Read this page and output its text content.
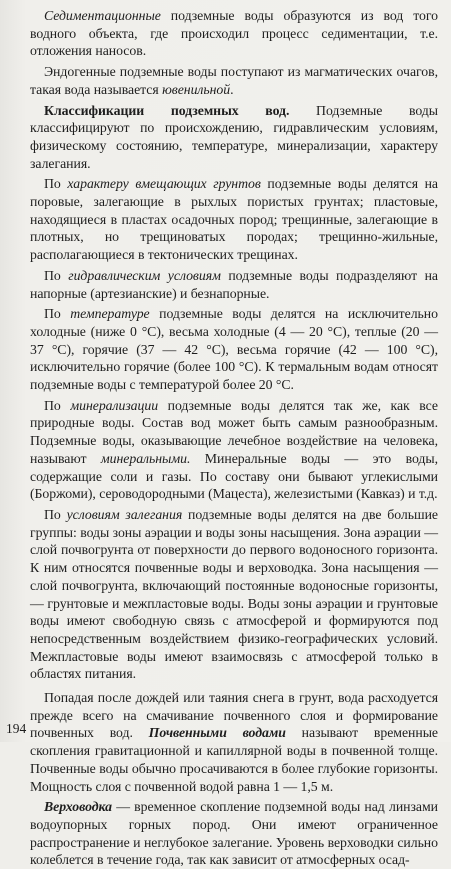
Седиментационные подземные воды образуются из вод того водного объекта, где происходил процесс седиментации, т.е. отложения наносов.

Эндогенные подземные воды поступают из магматических очагов, такая вода называется ювенильной.

Классификации подземных вод. Подземные воды классифицируют по происхождению, гидравлическим условиям, физическому состоянию, температуре, минерализации, характеру залегания.

По характеру вмещающих грунтов подземные воды делятся на поровые, залегающие в рыхлых пористых грунтах; пластовые, находящиеся в пластах осадочных пород; трещинные, залегающие в плотных, но трещиноватых породах; трещинно-жильные, располагающиеся в тектонических трещинах.

По гидравлическим условиям подземные воды подразделяют на напорные (артезианские) и безнапорные.

По температуре подземные воды делятся на исключительно холодные (ниже 0 °C), весьма холодные (4 — 20 °C), теплые (20 — 37 °C), горячие (37 — 42 °C), весьма горячие (42 — 100 °C), исключительно горячие (более 100 °C). К термальным водам относят подземные воды с температурой более 20 °C.

По минерализации подземные воды делятся так же, как все природные воды. Состав вод может быть самым разнообразным. Подземные воды, оказывающие лечебное воздействие на человека, называют минеральными. Минеральные воды — это воды, содержащие соли и газы. По составу они бывают углекислыми (Боржоми), сероводородными (Мацеста), железистыми (Кавказ) и т.д.

По условиям залегания подземные воды делятся на две большие группы: воды зоны аэрации и воды зоны насыщения. Зона аэрации — слой почвогрунта от поверхности до первого водоносного горизонта. К ним относятся почвенные воды и верховодка. Зона насыщения — слой почвогрунта, включающий постоянные водоносные горизонты, — грунтовые и межпластовые воды. Воды зоны аэрации и грунтовые воды имеют свободную связь с атмосферой и формируются под непосредственным воздействием физико-географических условий. Межпластовые воды имеют взаимосвязь с атмосферой только в областях питания.

Попадая после дождей или таяния снега в грунт, вода расходуется прежде всего на смачивание почвенного слоя и формирование почвенных вод. Почвенными водами называют временные скопления гравитационной и капиллярной воды в почвенной толще. Почвенные воды обычно просачиваются в более глубокие горизонты. Мощность слоя с почвенной водой равна 1 — 1,5 м.

Верховодка — временное скопление подземной воды над линзами водоупорных горных пород. Они имеют ограниченное распространение и неглубокое залегание. Уровень верховодки сильно колеблется в течение года, так как зависит от атмосферных осад-

194
